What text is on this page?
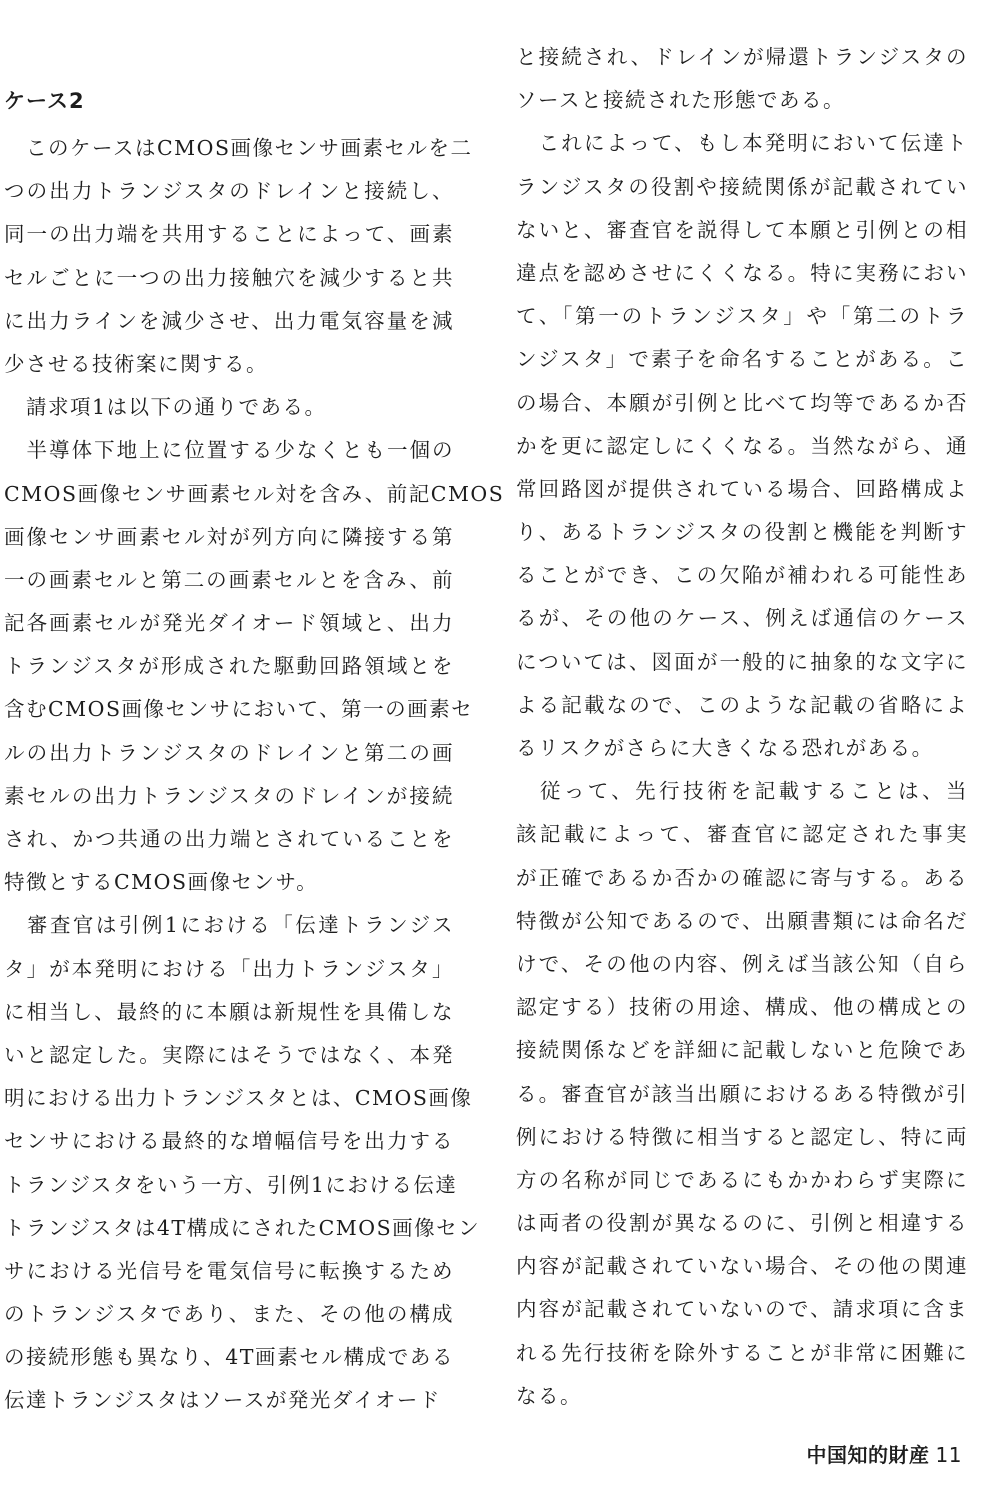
ケース2
　このケースはCMOS画像センサ画素セルを二
つの出力トランジスタのドレインと接続し、
同一の出力端を共用することによって、画素
セルごとに一つの出力接触穴を減少すると共
に出力ラインを減少させ、出力電気容量を減
少させる技術案に関する。
　請求項1は以下の通りである。
　半導体下地上に位置する少なくとも一個の
CMOS画像センサ画素セル対を含み、前記CMOS
画像センサ画素セル対が列方向に隣接する第
一の画素セルと第二の画素セルとを含み、前
記各画素セルが発光ダイオード領域と、出力
トランジスタが形成された駆動回路領域とを
含むCMOS画像センサにおいて、第一の画素セ
ルの出力トランジスタのドレインと第二の画
素セルの出力トランジスタのドレインが接続
され、かつ共通の出力端とされていることを
特徴とするCMOS画像センサ。
　審査官は引例1における「伝達トランジス
タ」が本発明における「出力トランジスタ」
に相当し、最終的に本願は新規性を具備しな
いと認定した。実際にはそうではなく、本発
明における出力トランジスタとは、CMOS画像
センサにおける最終的な増幅信号を出力する
トランジスタをいう一方、引例1における伝達
トランジスタは4T構成にされたCMOS画像セン
サにおける光信号を電気信号に転換するため
のトランジスタであり、また、その他の構成
の接続形態も異なり、4T画素セル構成である
伝達トランジスタはソースが発光ダイオード
と接続され、ドレインが帰還トランジスタの
ソースと接続された形態である。
　これによって、もし本発明において伝達ト
ランジスタの役割や接続関係が記載されてい
ないと、審査官を説得して本願と引例との相
違点を認めさせにくくなる。特に実務におい
て、「第一のトランジスタ」や「第二のトラ
ンジスタ」で素子を命名することがある。こ
の場合、本願が引例と比べて均等であるか否
かを更に認定しにくくなる。当然ながら、通
常回路図が提供されている場合、回路構成よ
り、あるトランジスタの役割と機能を判断す
ることができ、この欠陥が補われる可能性あ
るが、その他のケース、例えば通信のケース
については、図面が一般的に抽象的な文字に
よる記載なので、このような記載の省略によ
るリスクがさらに大きくなる恐れがある。
　従って、先行技術を記載することは、当
該記載によって、審査官に認定された事実
が正確であるか否かの確認に寄与する。ある
特徴が公知であるので、出願書類には命名だ
けで、その他の内容、例えば当該公知（自ら
認定する）技術の用途、構成、他の構成との
接続関係などを詳細に記載しないと危険であ
る。審査官が該当出願におけるある特徴が引
例における特徴に相当すると認定し、特に両
方の名称が同じであるにもかかわらず実際に
は両者の役割が異なるのに、引例と相違する
内容が記載されていない場合、その他の関連
内容が記載されていないので、請求項に含ま
れる先行技術を除外することが非常に困難に
なる。
中国知的財産 11
